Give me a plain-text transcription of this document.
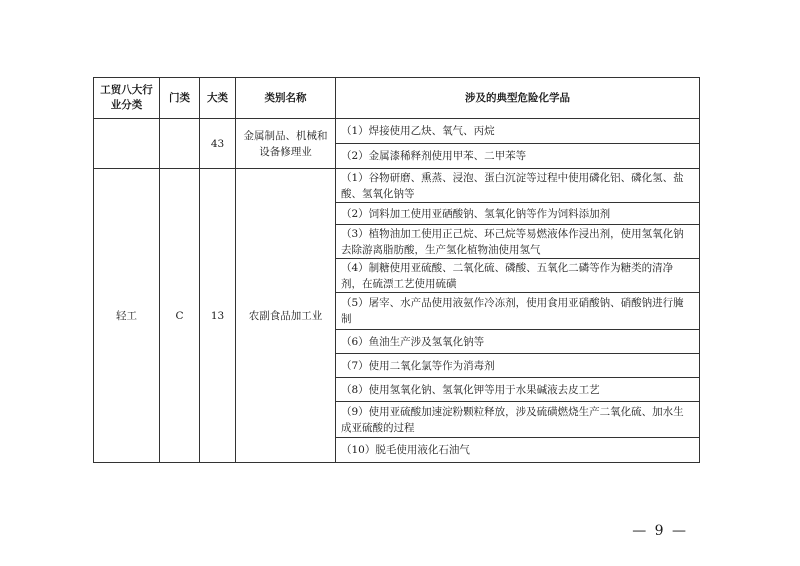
工贸八大行业分类	门类	大类	类别名称	涉及的典型危险化学品
		43	金属制品、机械和设备修理业	（1）焊接使用乙炔、氧气、丙烷
				（2）金属漆稀释剂使用甲苯、二甲苯等
轻工	C	13	农副食品加工业	（1）谷物研磨、熏蒸、浸泡、蛋白沉淀等过程中使用磷化铝、磷化氢、盐酸、氢氧化钠等
				（2）饲料加工使用亚硒酸钠、氢氧化钠等作为饲料添加剂
				（3）植物油加工使用正己烷、环己烷等易燃液体作浸出剂，使用氢氧化钠去除游离脂肪酸，生产氢化植物油使用氢气
				（4）制糖使用亚硫酸、二氧化硫、磷酸、五氧化二磷等作为糖类的清净剂，在硫漂工艺使用硫磺
				（5）屠宰、水产品使用液氨作冷冻剂，使用食用亚硝酸钠、硝酸钠进行腌制
				（6）鱼油生产涉及氢氧化钠等
				（7）使用二氧化氯等作为消毒剂
				（8）使用氢氧化钠、氢氧化钾等用于水果碱液去皮工艺
				（9）使用亚硫酸加速淀粉颗粒释放，涉及硫磺燃烧生产二氧化硫、加水生成亚硫酸的过程
				（10）脱毛使用液化石油气
— 9 —
